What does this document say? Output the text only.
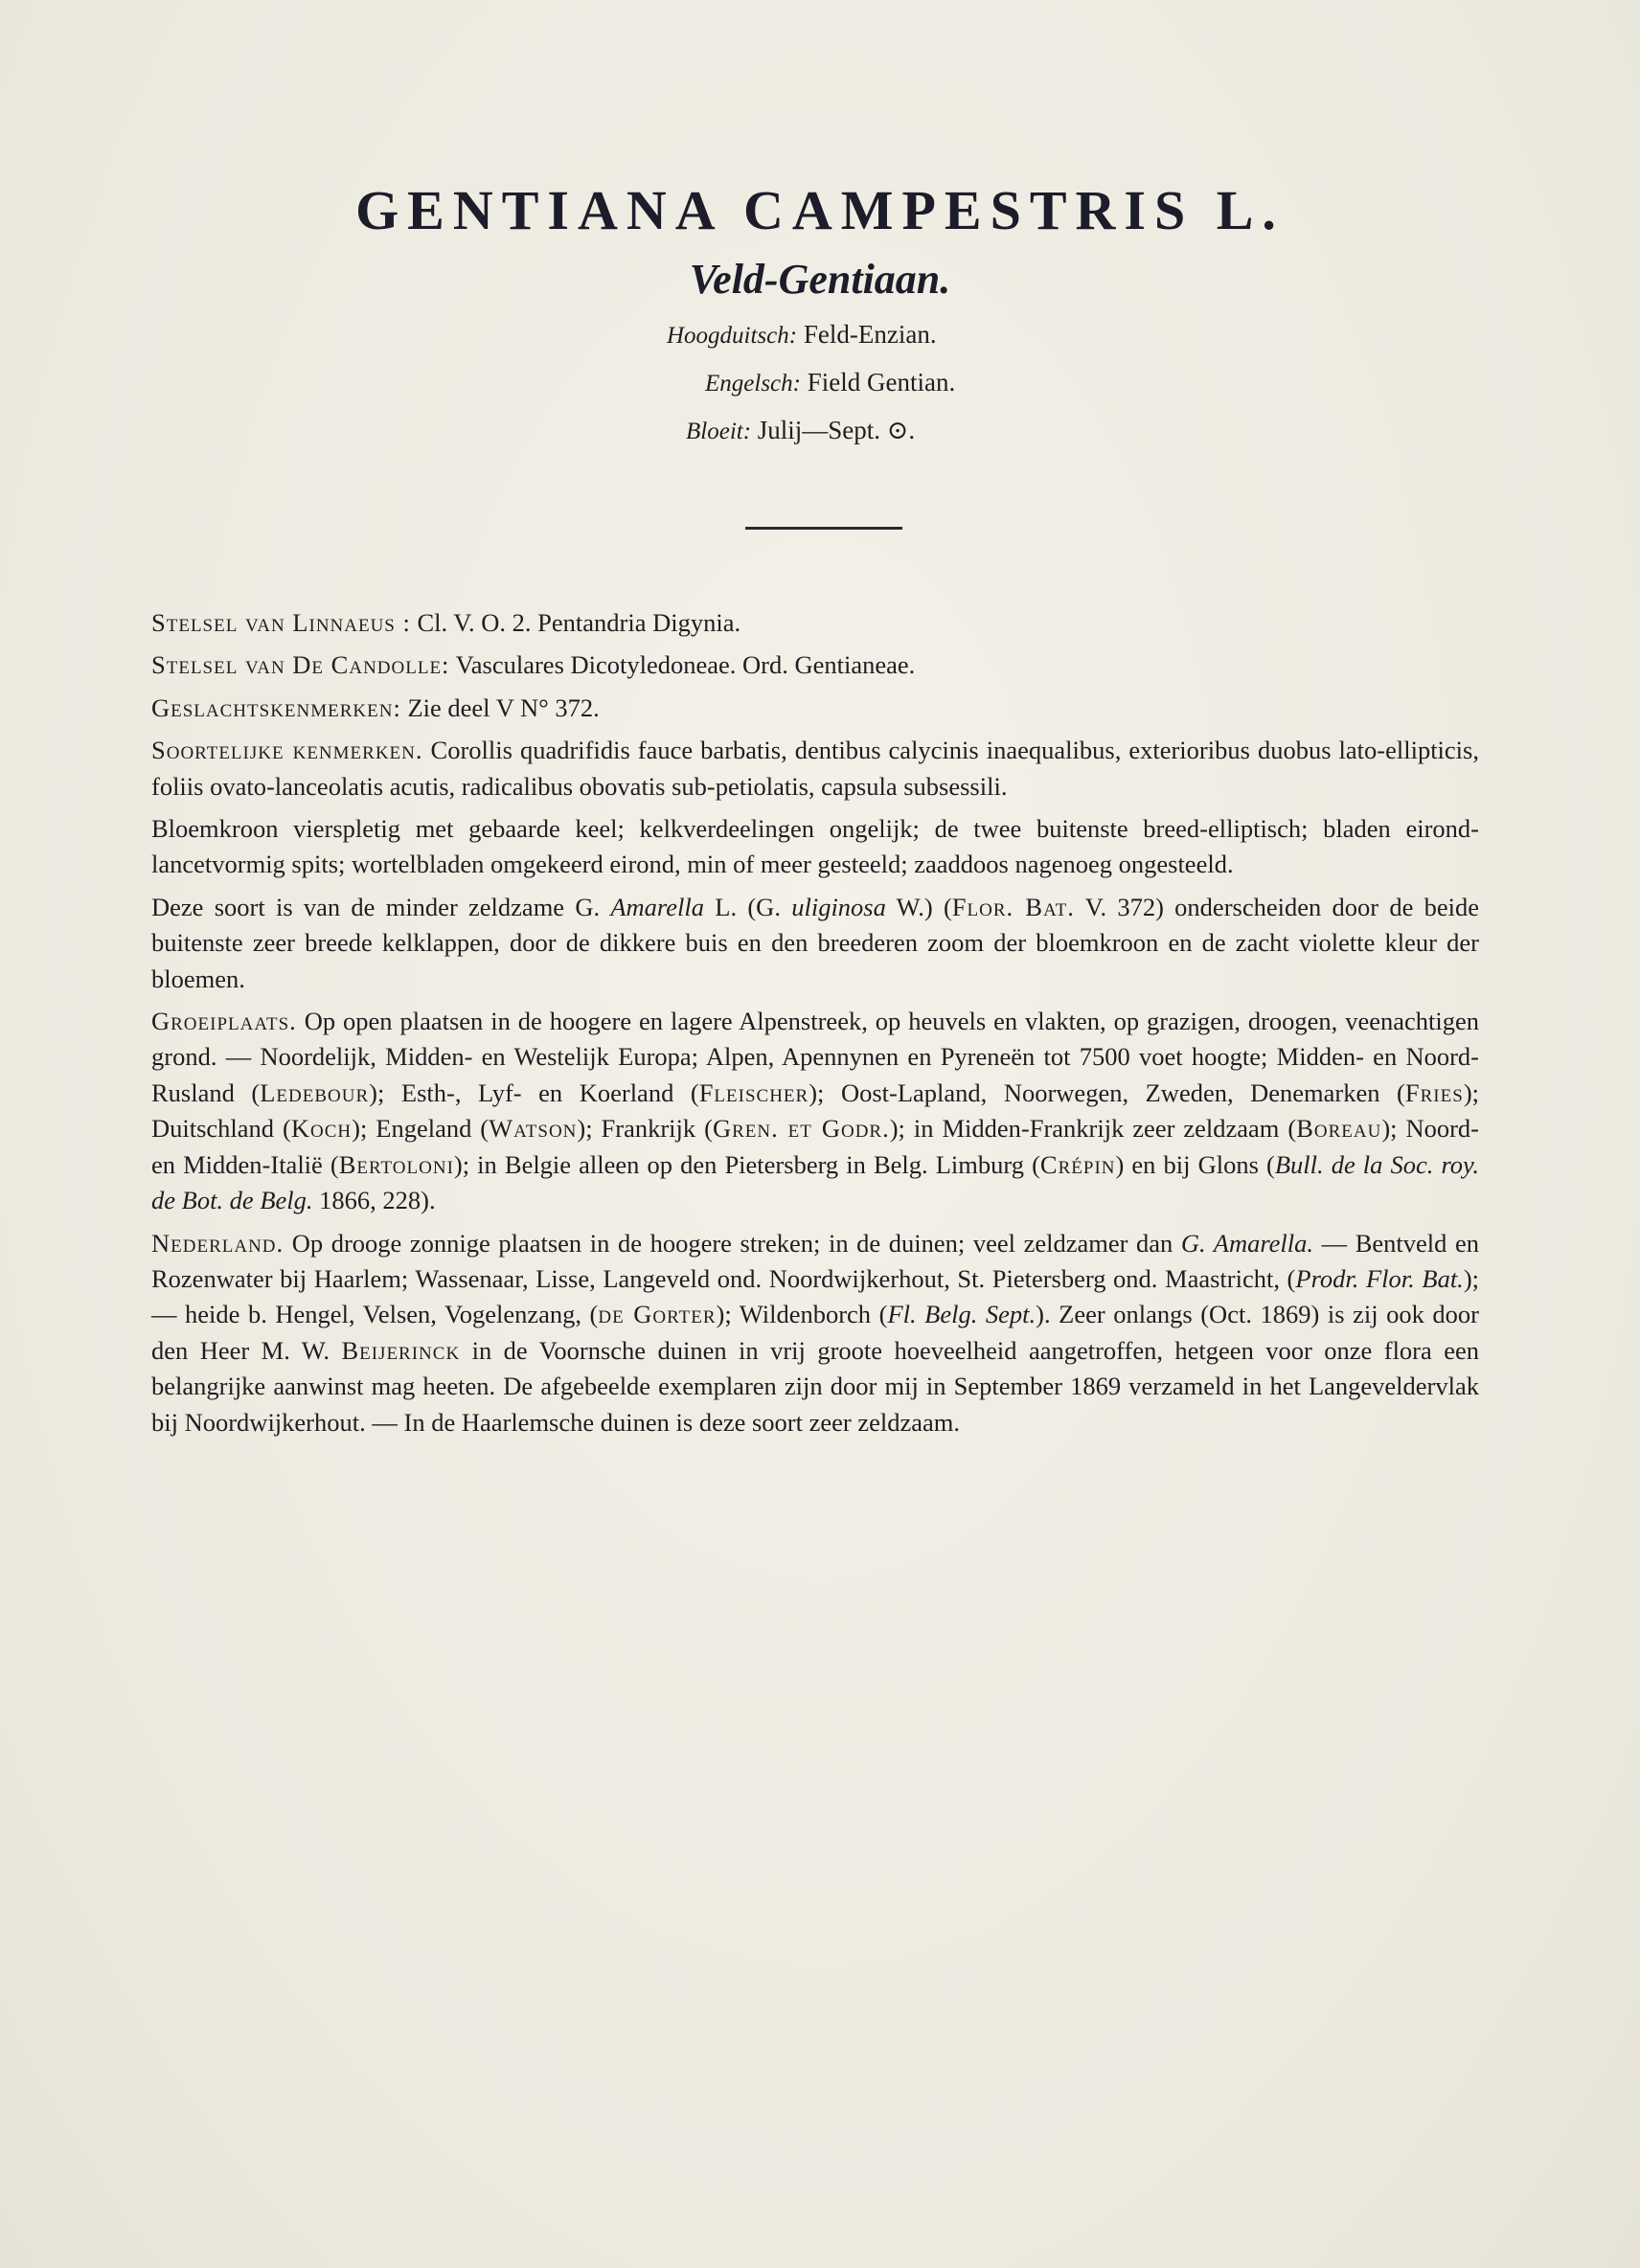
GENTIANA CAMPESTRIS L.
Veld-Gentiaan.
Hoogduitsch: Feld-Enzian.
Engelsch: Field Gentian.
Bloeit: Julij—Sept. ⊙.

Stelsel van Linnaeus : Cl. V. O. 2. Pentandria Digynia.

Stelsel van De Candolle: Vasculares Dicotyledoneae. Ord. Gentianeae.

Geslachtskenmerken: Zie deel V N° 372.

Soortelijke kenmerken. Corollis quadrifidis fauce barbatis, dentibus calycinis inaequalibus, exterioribus duobus lato-ellipticis, foliis ovato-lanceolatis acutis, radicalibus obovatis sub-petiolatis, capsula subsessili.

Bloemkroon vierspletig met gebaarde keel; kelkverdeelingen ongelijk; de twee buitenste breed-elliptisch; bladen eirond-lancetvormig spits; wortelbladen omgekeerd eirond, min of meer gesteeld; zaaddoos nagenoeg ongesteeld.

Deze soort is van de minder zeldzame G. Amarella L. (G. uliginosa W.) (Flor. Bat. V. 372) onderscheiden door de beide buitenste zeer breede kelklappen, door de dikkere buis en den breederen zoom der bloemkroon en de zacht violette kleur der bloemen.

Groeiplaats. Op open plaatsen in de hoogere en lagere Alpenstreek, op heuvels en vlakten, op grazigen, droogen, veenachtigen grond. — Noordelijk, Midden- en Westelijk Europa; Alpen, Apennynen en Pyreneën tot 7500 voet hoogte; Midden- en Noord-Rusland (Ledebour); Esth-, Lyf- en Koerland (Fleischer); Oost-Lapland, Noorwegen, Zweden, Denemarken (Fries); Duitschland (Koch); Engeland (Watson); Frankrijk (Gren. et Godr.); in Midden-Frankrijk zeer zeldzaam (Boreau); Noord- en Midden-Italië (Bertoloni); in Belgie alleen op den Pietersberg in Belg. Limburg (Crépin) en bij Glons (Bull. de la Soc. roy. de Bot. de Belg. 1866, 228).

Nederland. Op drooge zonnige plaatsen in de hoogere streken; in de duinen; veel zeldzamer dan G. Amarella. — Bentveld en Rozenwater bij Haarlem; Wassenaar, Lisse, Langeveld ond. Noordwijkerhout, St. Pietersberg ond. Maastricht, (Prodr. Flor. Bat.); — heide b. Hengel, Velsen, Vogelenzang, (de Gorter); Wildenborch (Fl. Belg. Sept.). Zeer onlangs (Oct. 1869) is zij ook door den Heer M. W. Beijerinck in de Voornsche duinen in vrij groote hoeveelheid aangetroffen, hetgeen voor onze flora een belangrijke aanwinst mag heeten. De afgebeelde exemplaren zijn door mij in September 1869 verzameld in het Langeveldervlak bij Noordwijkerhout. — In de Haarlemsche duinen is deze soort zeer zeldzaam.
